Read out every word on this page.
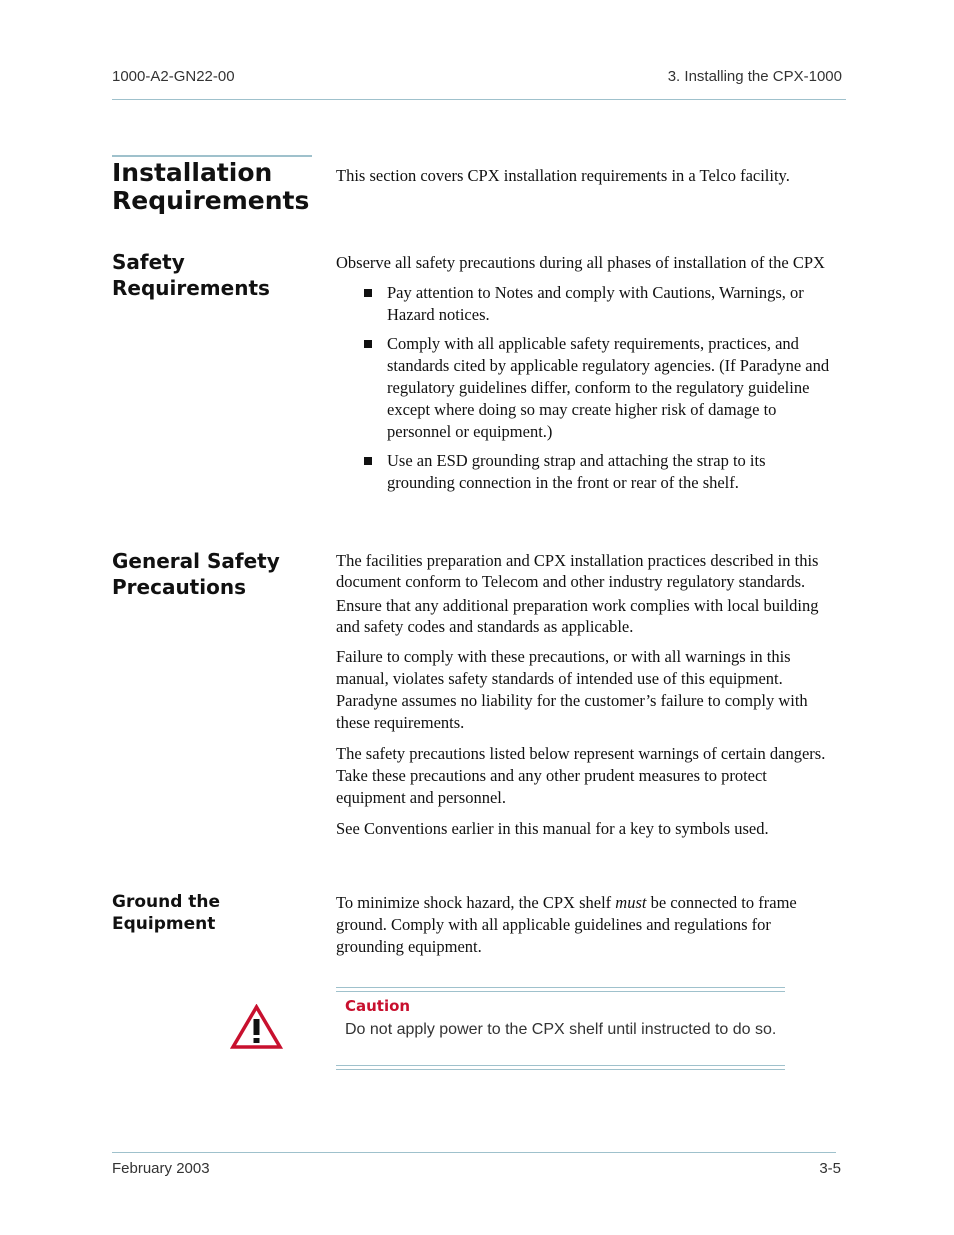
1000-A2-GN22-00	3. Installing the CPX-1000
Installation
Requirements
This section covers CPX installation requirements in a Telco facility.
Safety
Requirements

Observe all safety precautions during all phases of installation of the CPX

Pay attention to Notes and comply with Cautions, Warnings, or Hazard notices.
Comply with all applicable safety requirements, practices, and standards cited by applicable regulatory agencies. (If Paradyne and regulatory guidelines differ, conform to the regulatory guideline except where doing so may create higher risk of damage to personnel or equipment.)
Use an ESD grounding strap and attaching the strap to its grounding connection in the front or rear of the shelf.
General Safety
Precautions

The facilities preparation and CPX installation practices described in this document conform to Telecom and other industry regulatory standards.

Ensure that any additional preparation work complies with local building and safety codes and standards as applicable.

Failure to comply with these precautions, or with all warnings in this manual, violates safety standards of intended use of this equipment. Paradyne assumes no liability for the customer’s failure to comply with these requirements.

The safety precautions listed below represent warnings of certain dangers. Take these precautions and any other prudent measures to protect equipment and personnel.

See Conventions earlier in this manual for a key to symbols used.

Ground the
Equipment
To minimize shock hazard, the CPX shelf must be connected to frame ground. Comply with all applicable guidelines and regulations for grounding equipment.
Caution
Do not apply power to the CPX shelf until instructed to do so.
February 2003	3-5
